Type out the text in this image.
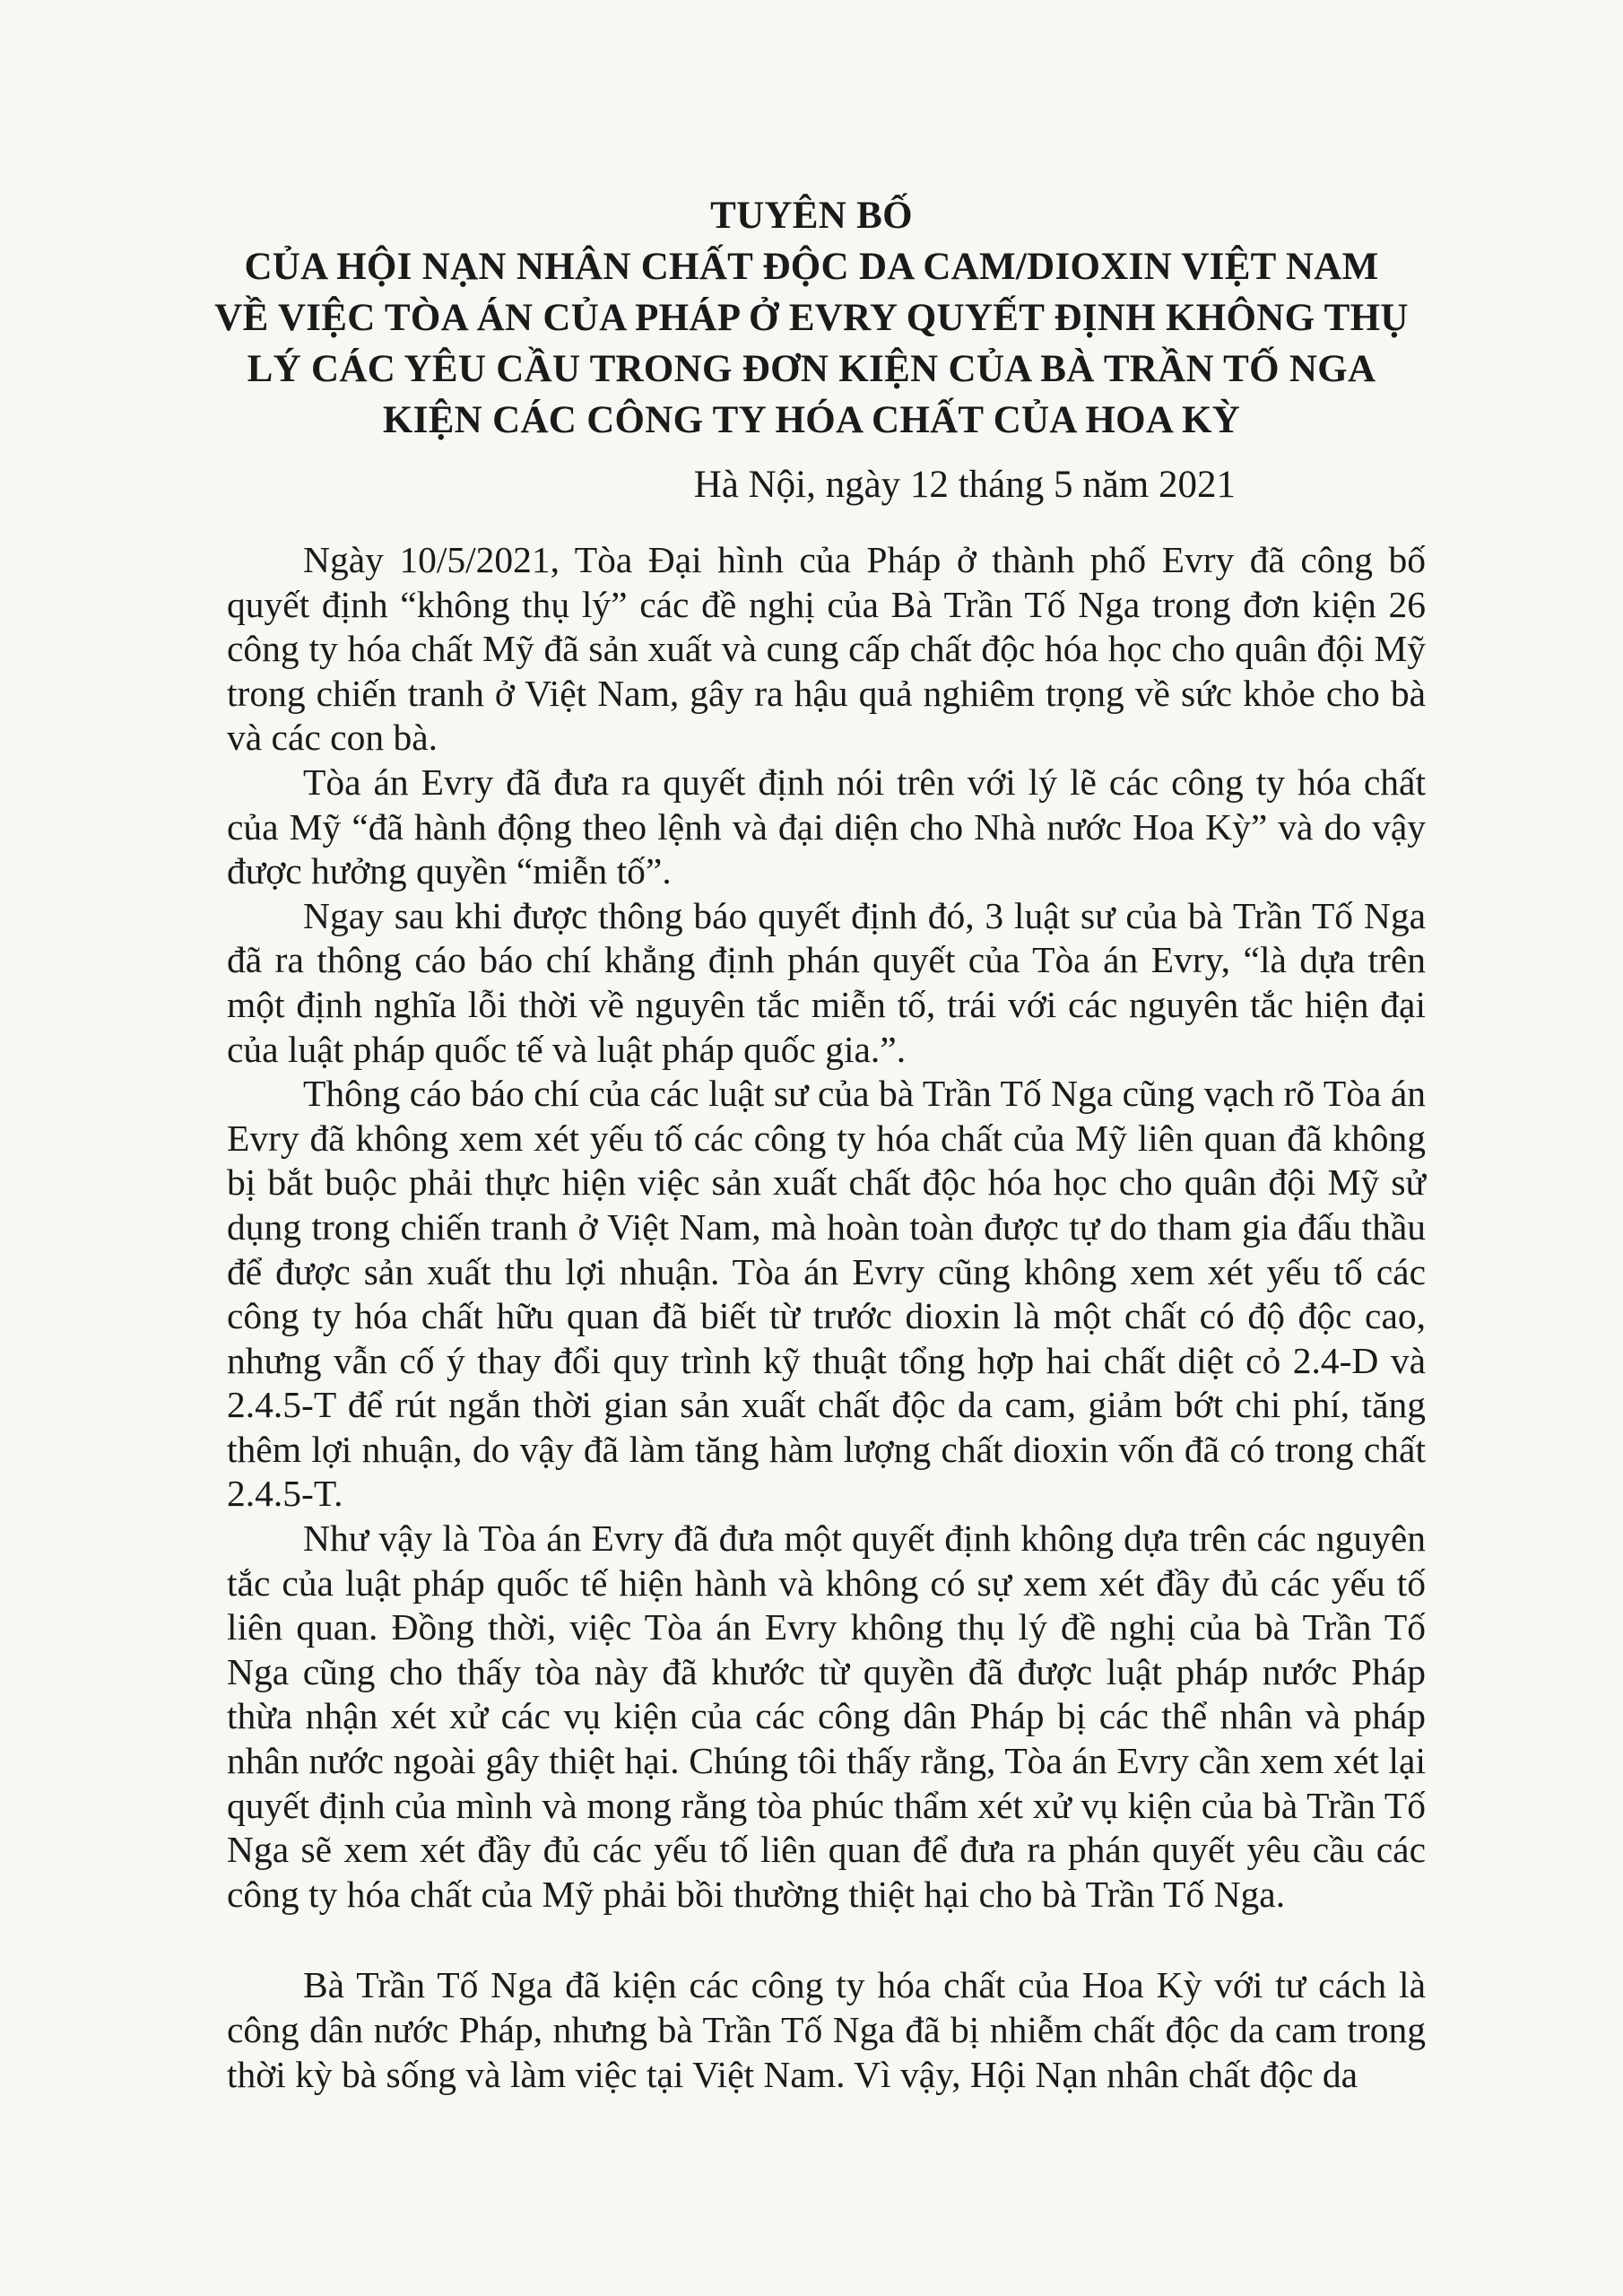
TUYÊN BỐ
CỦA HỘI NẠN NHÂN CHẤT ĐỘC DA CAM/DIOXIN VIỆT NAM
VỀ VIỆC TÒA ÁN CỦA PHÁP Ở EVRY QUYẾT ĐỊNH KHÔNG THỤ
LÝ CÁC YÊU CẦU TRONG ĐƠN KIỆN CỦA BÀ TRẦN TỐ NGA
KIỆN CÁC CÔNG TY HÓA CHẤT CỦA HOA KỲ
Hà Nội, ngày 12 tháng 5 năm 2021

Ngày 10/5/2021, Tòa Đại hình của Pháp ở thành phố Evry đã công bố quyết định “không thụ lý” các đề nghị của Bà Trần Tố Nga trong đơn kiện 26 công ty hóa chất Mỹ đã sản xuất và cung cấp chất độc hóa học cho quân đội Mỹ trong chiến tranh ở Việt Nam, gây ra hậu quả nghiêm trọng về sức khỏe cho bà và các con bà.

Tòa án Evry đã đưa ra quyết định nói trên với lý lẽ các công ty hóa chất của Mỹ “đã hành động theo lệnh và đại diện cho Nhà nước Hoa Kỳ” và do vậy được hưởng quyền “miễn tố”.

Ngay sau khi được thông báo quyết định đó, 3 luật sư của bà Trần Tố Nga đã ra thông cáo báo chí khẳng định phán quyết của Tòa án Evry, “là dựa trên một định nghĩa lỗi thời về nguyên tắc miễn tố, trái với các nguyên tắc hiện đại của luật pháp quốc tế và luật pháp quốc gia.”.

Thông cáo báo chí của các luật sư của bà Trần Tố Nga cũng vạch rõ Tòa án Evry đã không xem xét yếu tố các công ty hóa chất của Mỹ liên quan đã không bị bắt buộc phải thực hiện việc sản xuất chất độc hóa học cho quân đội Mỹ sử dụng trong chiến tranh ở Việt Nam, mà hoàn toàn được tự do tham gia đấu thầu để được sản xuất thu lợi nhuận. Tòa án Evry cũng không xem xét yếu tố các công ty hóa chất hữu quan đã biết từ trước dioxin là một chất có độ độc cao, nhưng vẫn cố ý thay đổi quy trình kỹ thuật tổng hợp hai chất diệt cỏ 2.4-D và 2.4.5-T để rút ngắn thời gian sản xuất chất độc da cam, giảm bớt chi phí, tăng thêm lợi nhuận, do vậy đã làm tăng hàm lượng chất dioxin vốn đã có trong chất 2.4.5-T.

Như vậy là Tòa án Evry đã đưa một quyết định không dựa trên các nguyên tắc của luật pháp quốc tế hiện hành và không có sự xem xét đầy đủ các yếu tố liên quan. Đồng thời, việc Tòa án Evry không thụ lý đề nghị của bà Trần Tố Nga cũng cho thấy tòa này đã khước từ quyền đã được luật pháp nước Pháp thừa nhận xét xử các vụ kiện của các công dân Pháp bị các thể nhân và pháp nhân nước ngoài gây thiệt hại. Chúng tôi thấy rằng, Tòa án Evry cần xem xét lại quyết định của mình và mong rằng tòa phúc thẩm xét xử vụ kiện của bà Trần Tố Nga sẽ xem xét đầy đủ các yếu tố liên quan để đưa ra phán quyết yêu cầu các công ty hóa chất của Mỹ phải bồi thường thiệt hại cho bà Trần Tố Nga.

Bà Trần Tố Nga đã kiện các công ty hóa chất của Hoa Kỳ với tư cách là công dân nước Pháp, nhưng bà Trần Tố Nga đã bị nhiễm chất độc da cam trong thời kỳ bà sống và làm việc tại Việt Nam. Vì vậy, Hội Nạn nhân chất độc da
